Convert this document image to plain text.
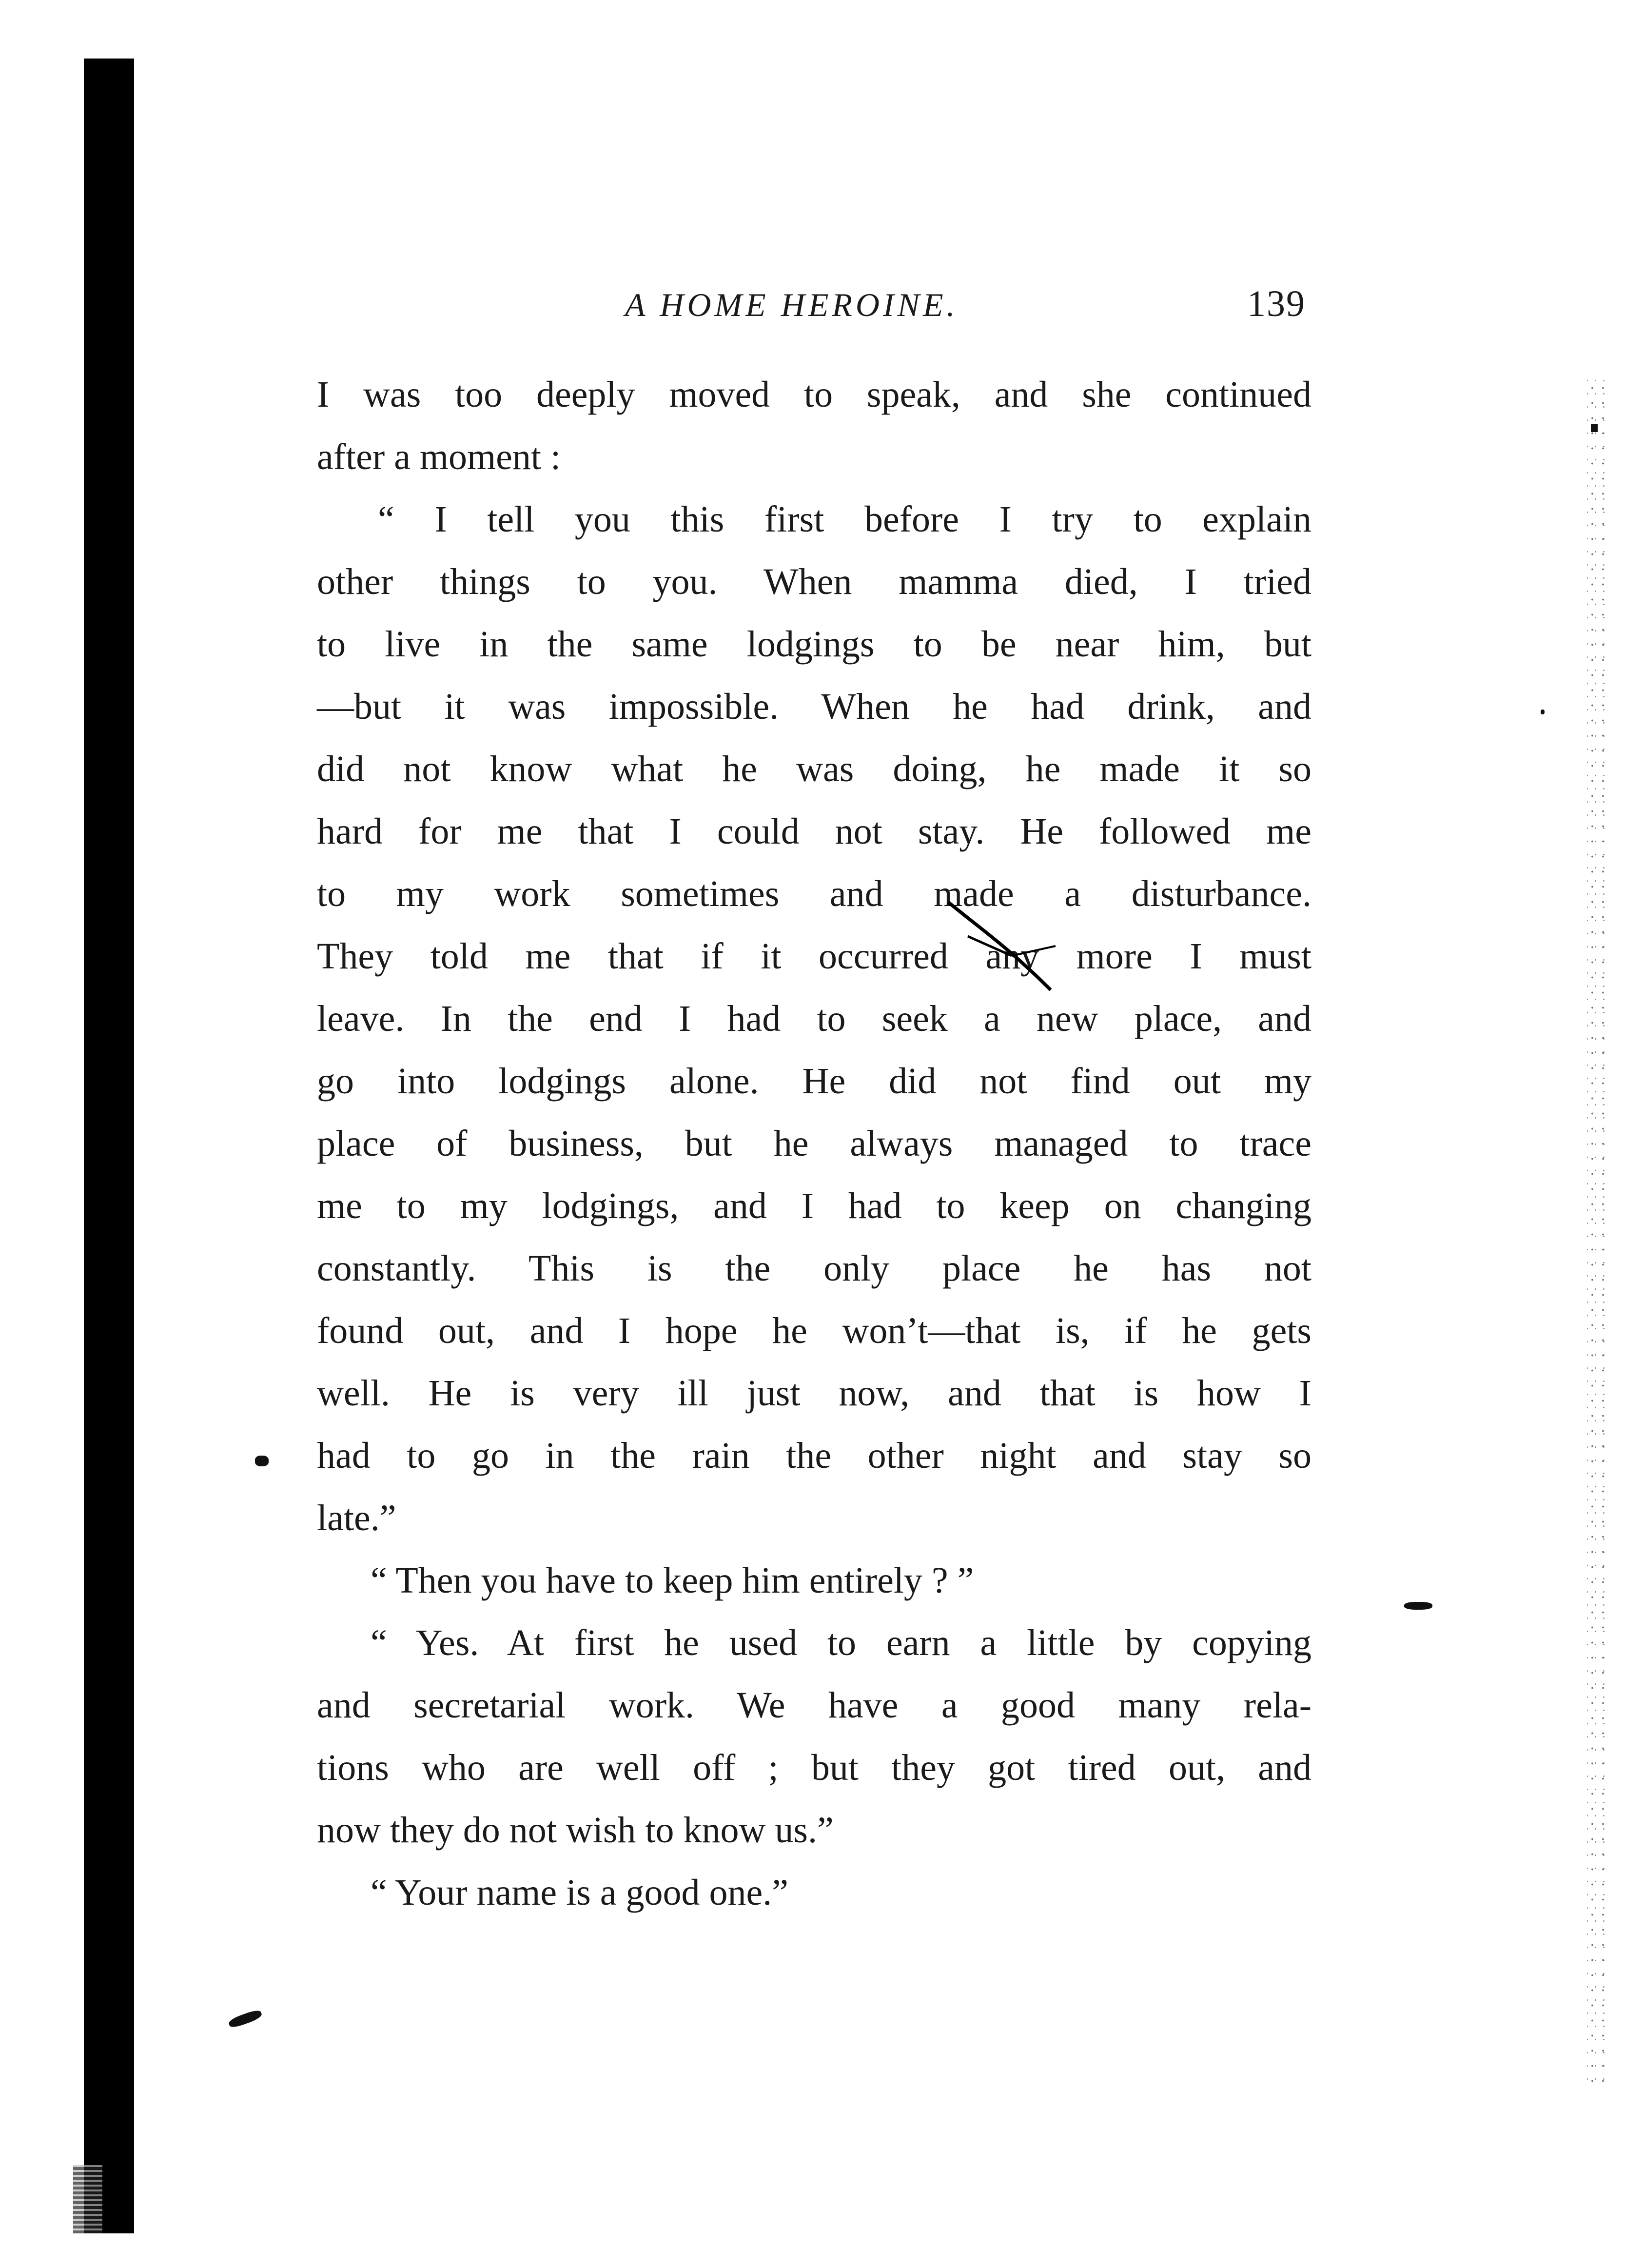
A HOME HEROINE.	139
I was too deeply moved to speak, and she continued
after a moment :
“ I tell you this first before I try to explain
other things to you. When mamma died, I tried
to live in the same lodgings to be near him, but
—but it was impossible. When he had drink, and
did not know what he was doing, he made it so
hard for me that I could not stay. He followed me
to my work sometimes and made a disturbance.
They told me that if it occurred any more I must
leave. In the end I had to seek a new place, and
go into lodgings alone. He did not find out my
place of business, but he always managed to trace
me to my lodgings, and I had to keep on changing
constantly. This is the only place he has not
found out, and I hope he won’t—that is, if he gets
well. He is very ill just now, and that is how I
had to go in the rain the other night and stay so
late.”
“ Then you have to keep him entirely ? ”
“ Yes. At first he used to earn a little by copying
and secretarial work. We have a good many rela-
tions who are well off ; but they got tired out, and
now they do not wish to know us.”
“ Your name is a good one.”
